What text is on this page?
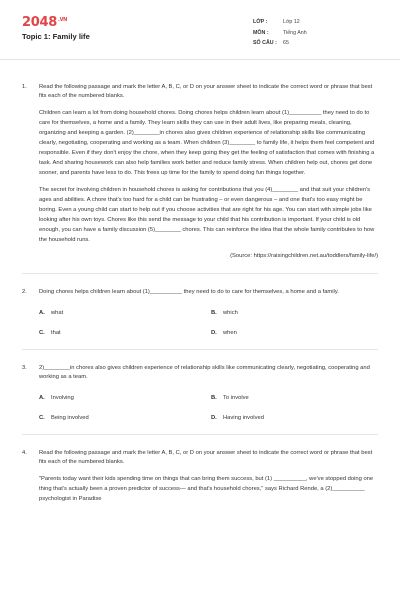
$2048^{.VN}$
Topic 1: Family life
LỚP :	Lớp 12
MÔN :	Tiếng Anh
SỐ CÂU :	65
1.	Read the following passage and mark the letter A, B, C, or D on your answer sheet to indicate the correct word or phrase that best fits each of the numbered blanks.

Children can learn a lot from doing household chores. Doing chores helps children learn about (1)__________ they need to do to care for themselves, a home and a family. They learn skills they can use in their adult lives, like preparing meals, cleaning, organizing and keeping a garden. (2)________in chores also gives children experience of relationship skills like communicating clearly, negotiating, cooperating and working as a team. When children (3)________ to family life, it helps them feel competent and responsible. Even if they don't enjoy the chore, when they keep going they get the feeling of satisfaction that comes with finishing a task. And sharing housework can also help families work better and reduce family stress. When children help out, chores get done sooner, and parents have less to do. This frees up time for the family to spend doing fun things together.

The secret for involving children in household chores is asking for contributions that you (4)________ and that suit your children's ages and abilities. A chore that's too hard for a child can be frustrating – or even dangerous – and one that's too easy might be boring. Even a young child can start to help out if you choose activities that are right for his age. You can start with simple jobs like looking after his own toys. Chores like this send the message to your child that his contribution is important. If your child is old enough, you can have a family discussion (5)________ chores. This can reinforce the idea that the whole family contributes to how the household runs.

(Source: https://raisingchildren.net.au/toddlers/family-life/)
2.	Doing chores helps children learn about (1)__________ they need to do to care for themselves, a home and a family.
A. what	B. which
C. that	D. when
3.	2)________in chores also gives children experience of relationship skills like communicating clearly, negotiating, cooperating and working as a team.
A. Involving	B. To involve
C. Being involved	D. Having involved
4.	Read the following passage and mark the letter A, B, C, or D on your answer sheet to indicate the correct word or phrase that best fits each of the numbered blanks.

"Parents today want their kids spending time on things that can bring them success, but (1) __________, we've stopped doing one thing that's actually been a proven predictor of success— and that's household chores," says Richard Rende, a (2)__________ psychologist in Paradise
